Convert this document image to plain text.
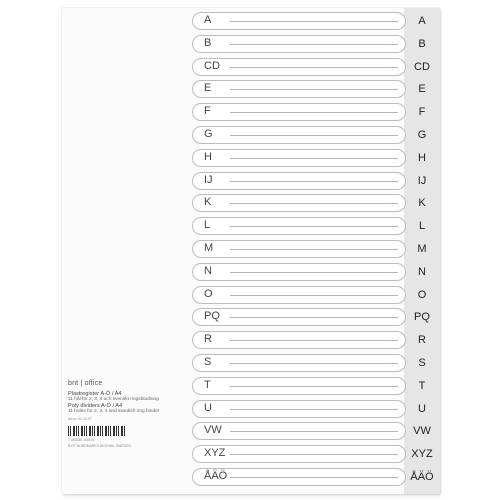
bnt | office
Plastregister A-Ö / A4
11 hål för 2, 3, 4 och svenskt ringsbladning
Poly dividers A-Ö / A4
11 holes for 2, 3, 4 and swedish ring binder
Art.nr: 41-10-07
7 392285 160074
B-NT NORDMARKS 55 BYAKL SWEDEN
A
B
CD
E
F
G
H
IJ
K
L
M
N
O
PQ
R
S
T
U
VW
XYZ
ÅÄÖ
A
B
CD
E
F
G
H
IJ
K
L
M
N
O
PQ
R
S
T
U
VW
XYZ
ÅÄÖ
